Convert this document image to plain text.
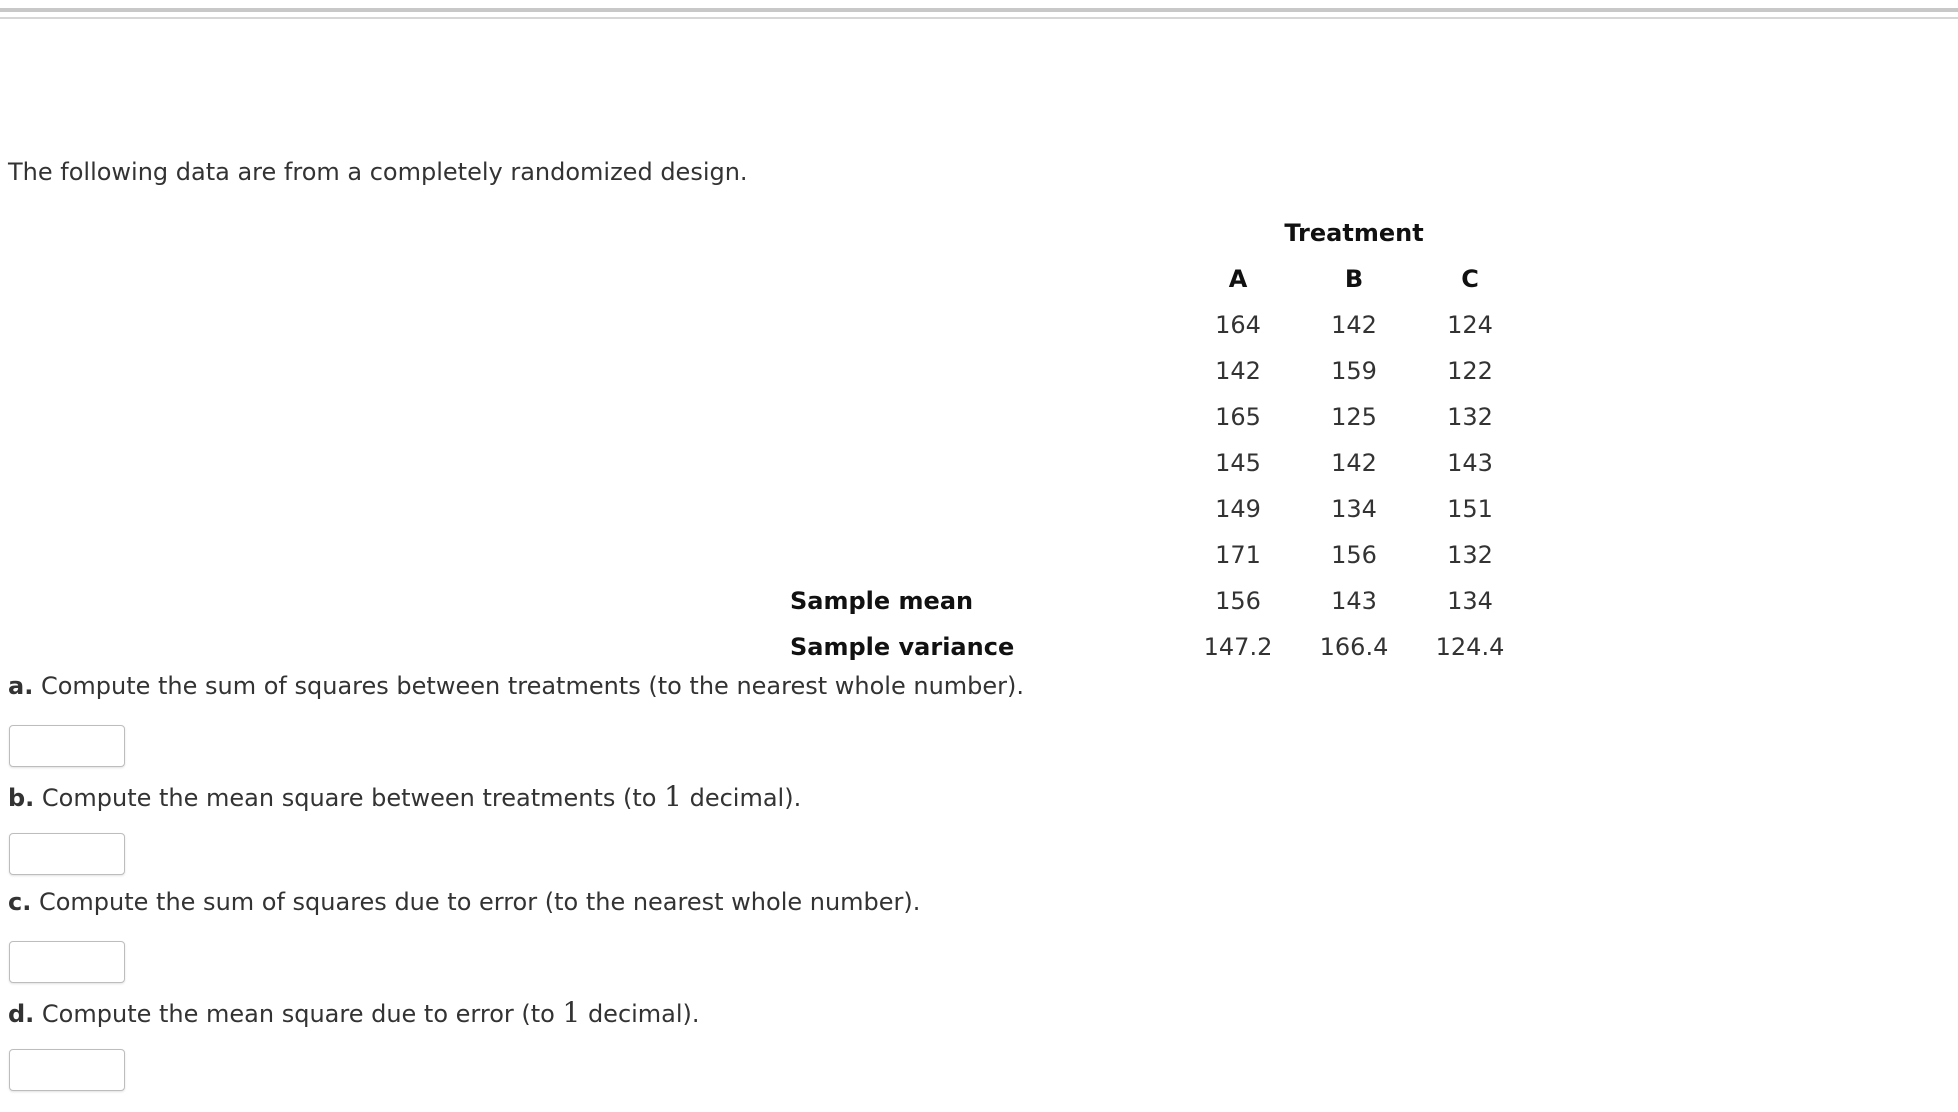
The following data are from a completely randomized design.
	Treatment		
	A	B	C
	164	142	124
	142	159	122
	165	125	132
	145	142	143
	149	134	151
	171	156	132
Sample mean	156	143	134
Sample variance	147.2	166.4	124.4
a. Compute the sum of squares between treatments (to the nearest whole number).
b. Compute the mean square between treatments (to 1 decimal).
c. Compute the sum of squares due to error (to the nearest whole number).
d. Compute the mean square due to error (to 1 decimal).
